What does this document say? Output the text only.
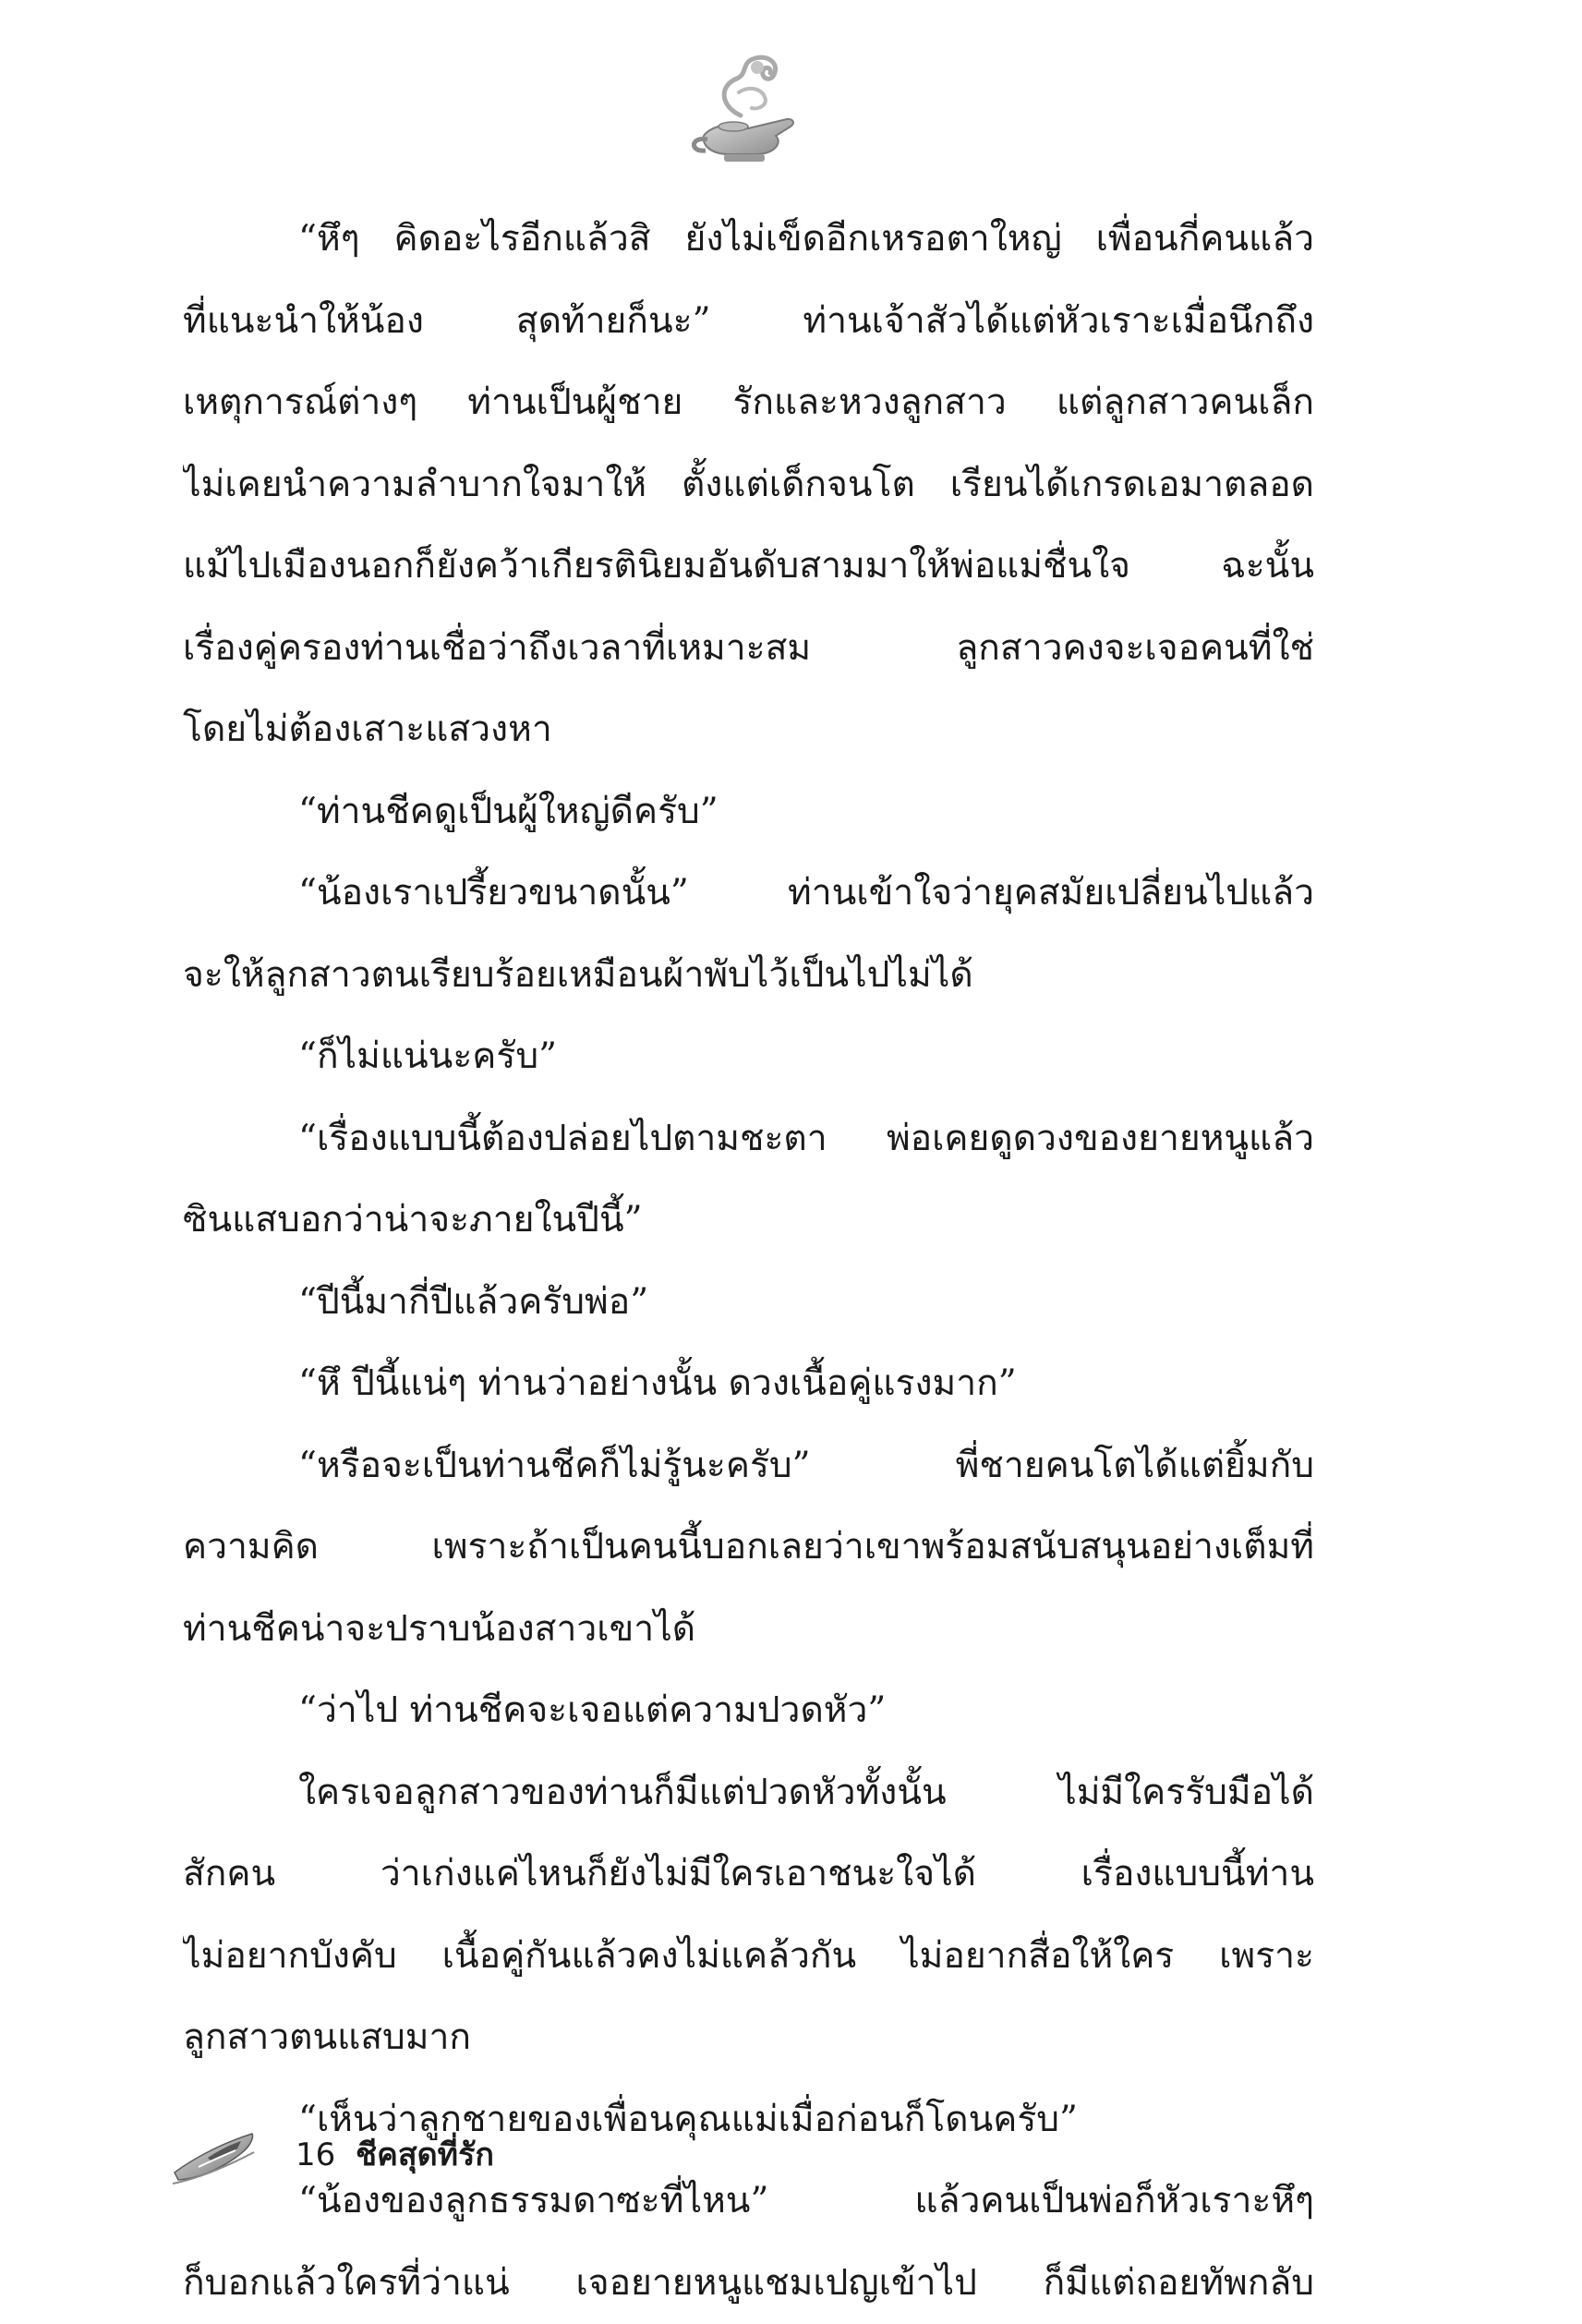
“หึๆ คิดอะไรอีกแล้วสิ ยังไม่เข็ดอีกเหรอตาใหญ่ เพื่อนกี่คนแล้ว
ที่แนะนำให้น้อง สุดท้ายก็นะ” ท่านเจ้าสัวได้แต่หัวเราะเมื่อนึกถึง
เหตุการณ์ต่างๆ ท่านเป็นผู้ชาย รักและหวงลูกสาว แต่ลูกสาวคนเล็ก
ไม่เคยนำความลำบากใจมาให้ ตั้งแต่เด็กจนโต เรียนได้เกรดเอมาตลอด
แม้ไปเมืองนอกก็ยังคว้าเกียรตินิยมอันดับสามมาให้พ่อแม่ชื่นใจ ฉะนั้น
เรื่องคู่ครองท่านเชื่อว่าถึงเวลาที่เหมาะสม ลูกสาวคงจะเจอคนที่ใช่
โดยไม่ต้องเสาะแสวงหา
“ท่านชีคดูเป็นผู้ใหญ่ดีครับ”
“น้องเราเปรี้ยวขนาดนั้น” ท่านเข้าใจว่ายุคสมัยเปลี่ยนไปแล้ว
จะให้ลูกสาวตนเรียบร้อยเหมือนผ้าพับไว้เป็นไปไม่ได้
“ก็ไม่แน่นะครับ”
“เรื่องแบบนี้ต้องปล่อยไปตามชะตา พ่อเคยดูดวงของยายหนูแล้ว
ซินแสบอกว่าน่าจะภายในปีนี้”
“ปีนี้มากี่ปีแล้วครับพ่อ”
“หึ ปีนี้แน่ๆ ท่านว่าอย่างนั้น ดวงเนื้อคู่แรงมาก”
“หรือจะเป็นท่านชีคก็ไม่รู้นะครับ” พี่ชายคนโตได้แต่ยิ้มกับ
ความคิด เพราะถ้าเป็นคนนี้บอกเลยว่าเขาพร้อมสนับสนุนอย่างเต็มที่
ท่านชีคน่าจะปราบน้องสาวเขาได้
“ว่าไป ท่านชีคจะเจอแต่ความปวดหัว”
ใครเจอลูกสาวของท่านก็มีแต่ปวดหัวทั้งนั้น ไม่มีใครรับมือได้
สักคน ว่าเก่งแค่ไหนก็ยังไม่มีใครเอาชนะใจได้ เรื่องแบบนี้ท่าน
ไม่อยากบังคับ เนื้อคู่กันแล้วคงไม่แคล้วกัน ไม่อยากสื่อให้ใคร เพราะ
ลูกสาวตนแสบมาก
“เห็นว่าลูกชายของเพื่อนคุณแม่เมื่อก่อนก็โดนครับ”
“น้องของลูกธรรมดาซะที่ไหน” แล้วคนเป็นพ่อก็หัวเราะหึๆ
ก็บอกแล้วใครที่ว่าแน่ เจอยายหนูแชมเปญเข้าไป ก็มีแต่ถอยทัพกลับ
16 ชีคสุดที่รัก
